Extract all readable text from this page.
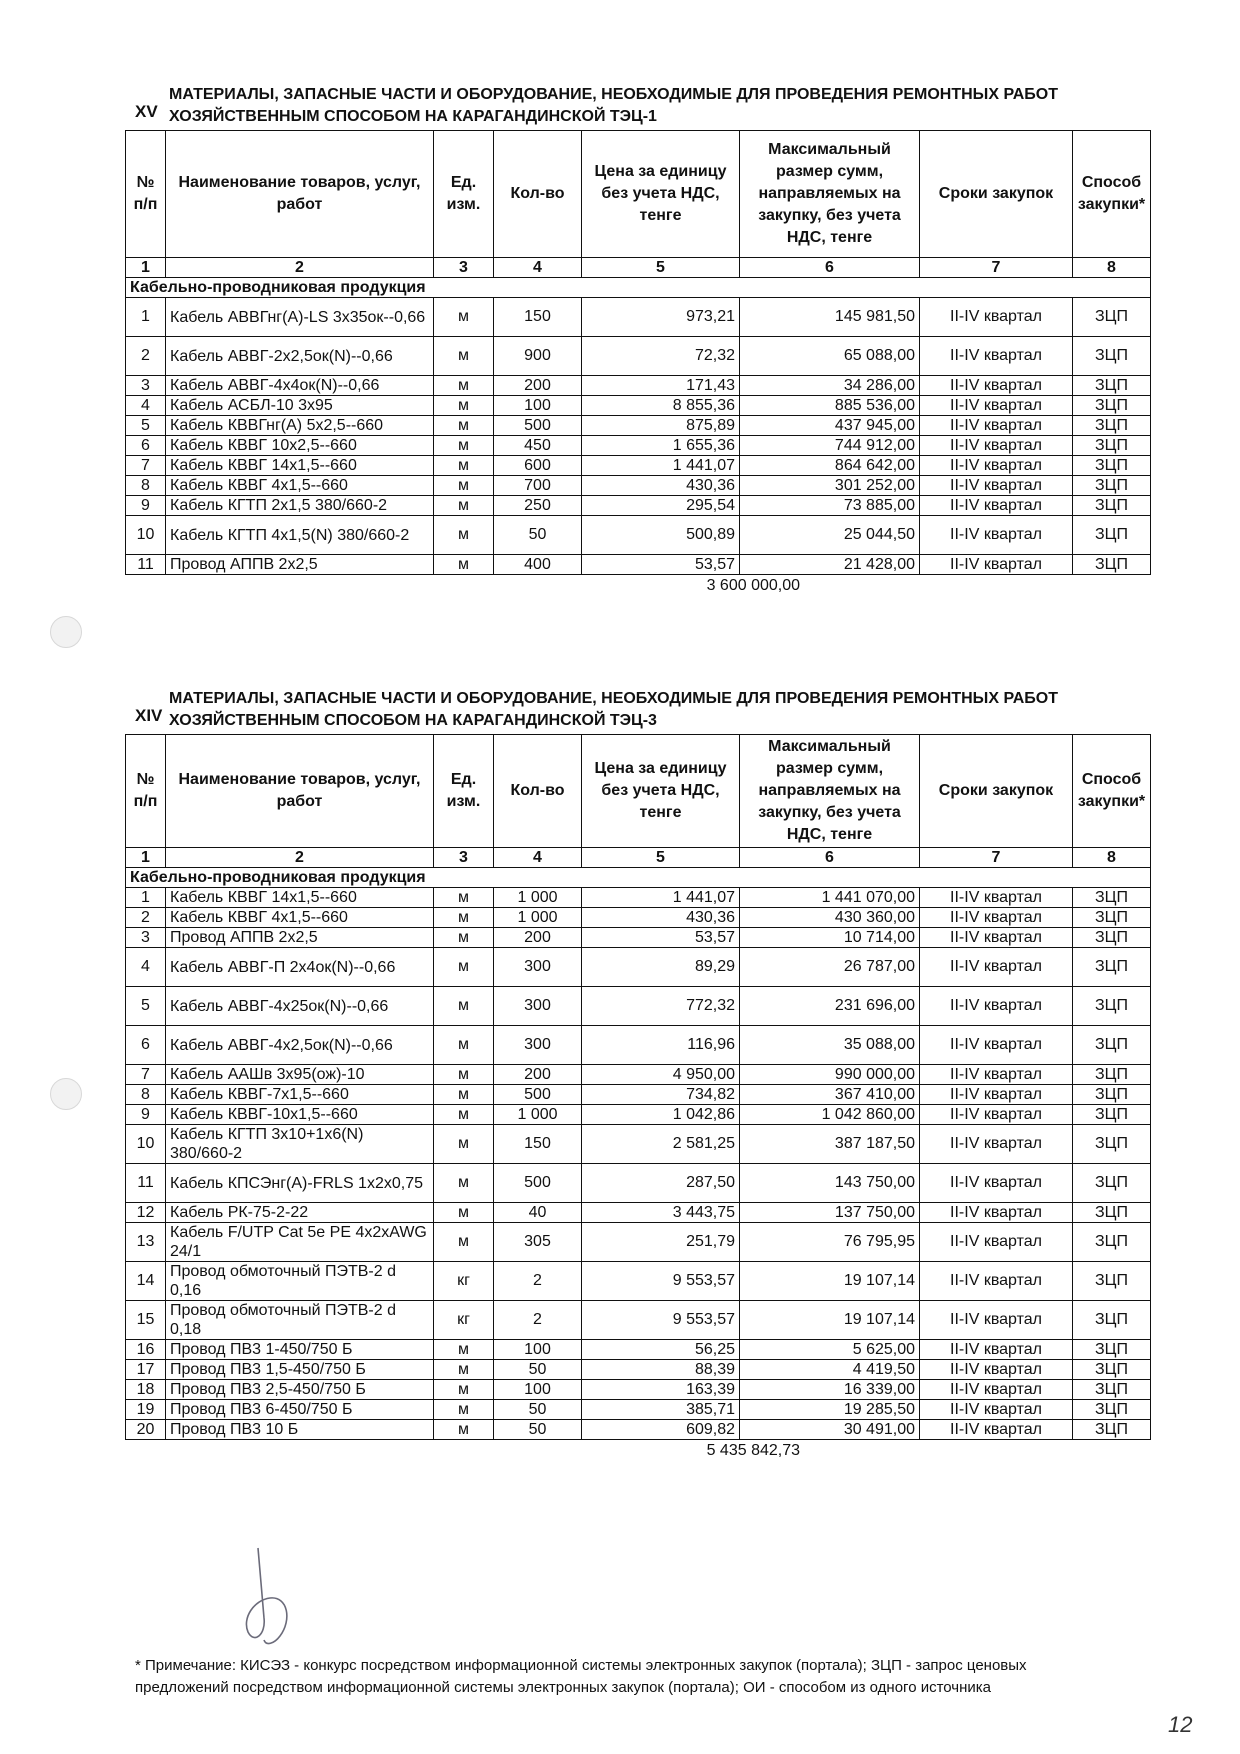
XV
МАТЕРИАЛЫ, ЗАПАСНЫЕ ЧАСТИ И ОБОРУДОВАНИЕ, НЕОБХОДИМЫЕ ДЛЯ ПРОВЕДЕНИЯ РЕМОНТНЫХ РАБОТ
ХОЗЯЙСТВЕННЫМ СПОСОБОМ НА КАРАГАНДИНСКОЙ ТЭЦ-1
№ п/п	Наименование товаров, услуг, работ	Ед. изм.	Кол-во	Цена за единицу без учета НДС, тенге	Максимальный размер сумм, направляемых на закупку, без учета НДС, тенге	Сроки закупок	Способ закупки*
1	2	3	4	5	6	7	8
Кабельно-проводниковая продукция							
1	Кабель АВВГнг(А)-LS 3х35ок--0,66	м	150	973,21	145 981,50	II-IV квартал	ЗЦП
2	Кабель АВВГ-2х2,5ок(N)--0,66	м	900	72,32	65 088,00	II-IV квартал	ЗЦП
3	Кабель АВВГ-4х4ок(N)--0,66	м	200	171,43	34 286,00	II-IV квартал	ЗЦП
4	Кабель АСБЛ-10 3х95	м	100	8 855,36	885 536,00	II-IV квартал	ЗЦП
5	Кабель КВВГнг(А) 5х2,5--660	м	500	875,89	437 945,00	II-IV квартал	ЗЦП
6	Кабель КВВГ 10х2,5--660	м	450	1 655,36	744 912,00	II-IV квартал	ЗЦП
7	Кабель КВВГ 14х1,5--660	м	600	1 441,07	864 642,00	II-IV квартал	ЗЦП
8	Кабель КВВГ 4х1,5--660	м	700	430,36	301 252,00	II-IV квартал	ЗЦП
9	Кабель КГТП 2х1,5 380/660-2	м	250	295,54	73 885,00	II-IV квартал	ЗЦП
10	Кабель КГТП 4х1,5(N) 380/660-2	м	50	500,89	25 044,50	II-IV квартал	ЗЦП
11	Провод АППВ 2х2,5	м	400	53,57	21 428,00	II-IV квартал	ЗЦП
3 600 000,00
XIV
МАТЕРИАЛЫ, ЗАПАСНЫЕ ЧАСТИ И ОБОРУДОВАНИЕ, НЕОБХОДИМЫЕ ДЛЯ ПРОВЕДЕНИЯ РЕМОНТНЫХ РАБОТ
ХОЗЯЙСТВЕННЫМ СПОСОБОМ НА КАРАГАНДИНСКОЙ ТЭЦ-3
№ п/п	Наименование товаров, услуг, работ	Ед. изм.	Кол-во	Цена за единицу без учета НДС, тенге	Максимальный размер сумм, направляемых на закупку, без учета НДС, тенге	Сроки закупок	Способ закупки*
1	2	3	4	5	6	7	8
Кабельно-проводниковая продукция							
1	Кабель КВВГ 14х1,5--660	м	1 000	1 441,07	1 441 070,00	II-IV квартал	ЗЦП
2	Кабель КВВГ 4х1,5--660	м	1 000	430,36	430 360,00	II-IV квартал	ЗЦП
3	Провод АППВ 2х2,5	м	200	53,57	10 714,00	II-IV квартал	ЗЦП
4	Кабель АВВГ-П 2х4ок(N)--0,66	м	300	89,29	26 787,00	II-IV квартал	ЗЦП
5	Кабель АВВГ-4х25ок(N)--0,66	м	300	772,32	231 696,00	II-IV квартал	ЗЦП
6	Кабель АВВГ-4х2,5ок(N)--0,66	м	300	116,96	35 088,00	II-IV квартал	ЗЦП
7	Кабель ААШв 3х95(ож)-10	м	200	4 950,00	990 000,00	II-IV квартал	ЗЦП
8	Кабель КВВГ-7х1,5--660	м	500	734,82	367 410,00	II-IV квартал	ЗЦП
9	Кабель КВВГ-10х1,5--660	м	1 000	1 042,86	1 042 860,00	II-IV квартал	ЗЦП
10	Кабель КГТП 3х10+1х6(N) 380/660-2	м	150	2 581,25	387 187,50	II-IV квартал	ЗЦП
11	Кабель КПСЭнг(А)-FRLS 1х2х0,75	м	500	287,50	143 750,00	II-IV квартал	ЗЦП
12	Кабель РК-75-2-22	м	40	3 443,75	137 750,00	II-IV квартал	ЗЦП
13	Кабель F/UTP Cat 5e PE 4х2хAWG 24/1	м	305	251,79	76 795,95	II-IV квартал	ЗЦП
14	Провод обмоточный ПЭТВ-2 d 0,16	кг	2	9 553,57	19 107,14	II-IV квартал	ЗЦП
15	Провод обмоточный ПЭТВ-2 d 0,18	кг	2	9 553,57	19 107,14	II-IV квартал	ЗЦП
16	Провод ПВ3 1-450/750 Б	м	100	56,25	5 625,00	II-IV квартал	ЗЦП
17	Провод ПВ3 1,5-450/750 Б	м	50	88,39	4 419,50	II-IV квартал	ЗЦП
18	Провод ПВ3 2,5-450/750 Б	м	100	163,39	16 339,00	II-IV квартал	ЗЦП
19	Провод ПВ3 6-450/750 Б	м	50	385,71	19 285,50	II-IV квартал	ЗЦП
20	Провод ПВ3 10 Б	м	50	609,82	30 491,00	II-IV квартал	ЗЦП
5 435 842,73
* Примечание: КИСЭЗ - конкурс посредством информационной системы электронных закупок (портала); ЗЦП - запрос ценовых
предложений посредством информационной системы электронных закупок (портала); ОИ - способом из одного источника
12
